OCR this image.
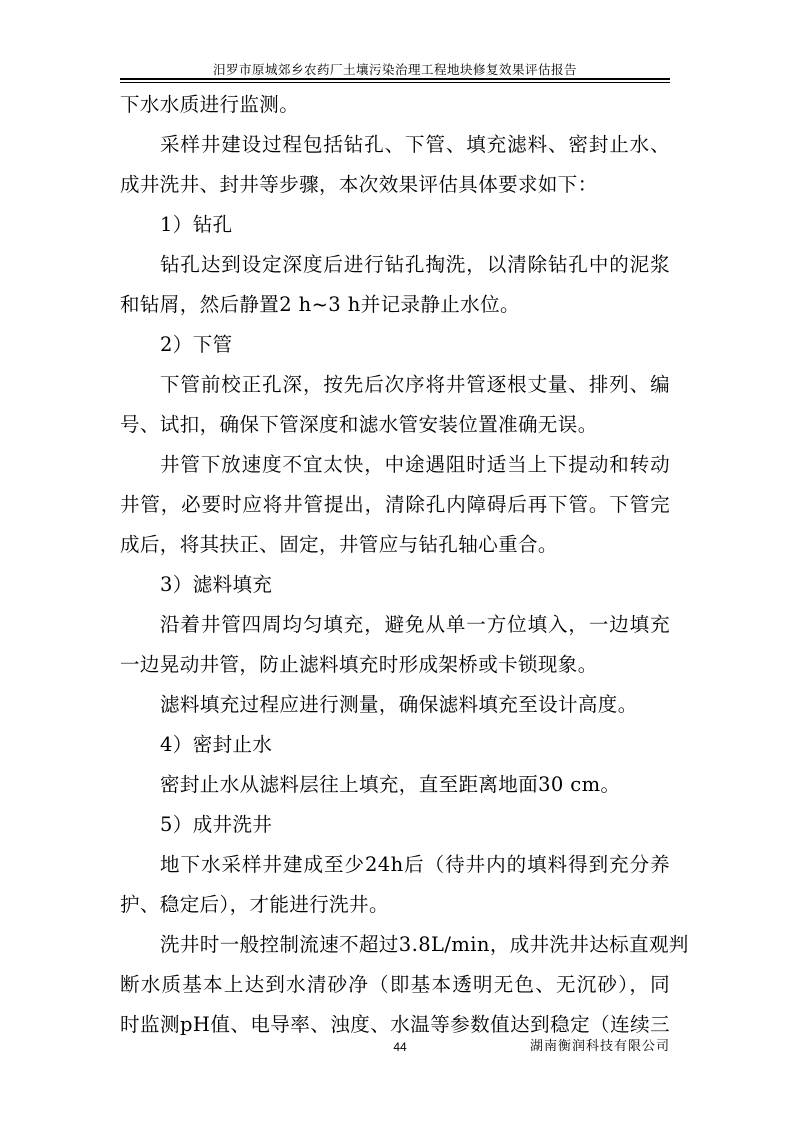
汨罗市原城郊乡农药厂土壤污染治理工程地块修复效果评估报告
下水水质进行监测。
采样井建设过程包括钻孔、下管、填充滤料、密封止水、
成井洗井、封井等步骤，本次效果评估具体要求如下：
1）钻孔
钻孔达到设定深度后进行钻孔掏洗，以清除钻孔中的泥浆
和钻屑，然后静置2 h~3 h并记录静止水位。
2）下管
下管前校正孔深，按先后次序将井管逐根丈量、排列、编
号、试扣，确保下管深度和滤水管安装位置准确无误。
井管下放速度不宜太快，中途遇阻时适当上下提动和转动
井管，必要时应将井管提出，清除孔内障碍后再下管。下管完
成后，将其扶正、固定，井管应与钻孔轴心重合。
3）滤料填充
沿着井管四周均匀填充，避免从单一方位填入，一边填充
一边晃动井管，防止滤料填充时形成架桥或卡锁现象。
滤料填充过程应进行测量，确保滤料填充至设计高度。
4）密封止水
密封止水从滤料层往上填充，直至距离地面30 cm。
5）成井洗井
地下水采样井建成至少24h后（待井内的填料得到充分养
护、稳定后），才能进行洗井。
洗井时一般控制流速不超过3.8L/min，成井洗井达标直观判
断水质基本上达到水清砂净（即基本透明无色、无沉砂），同
时监测pH值、电导率、浊度、水温等参数值达到稳定（连续三
44	湖南衡润科技有限公司
